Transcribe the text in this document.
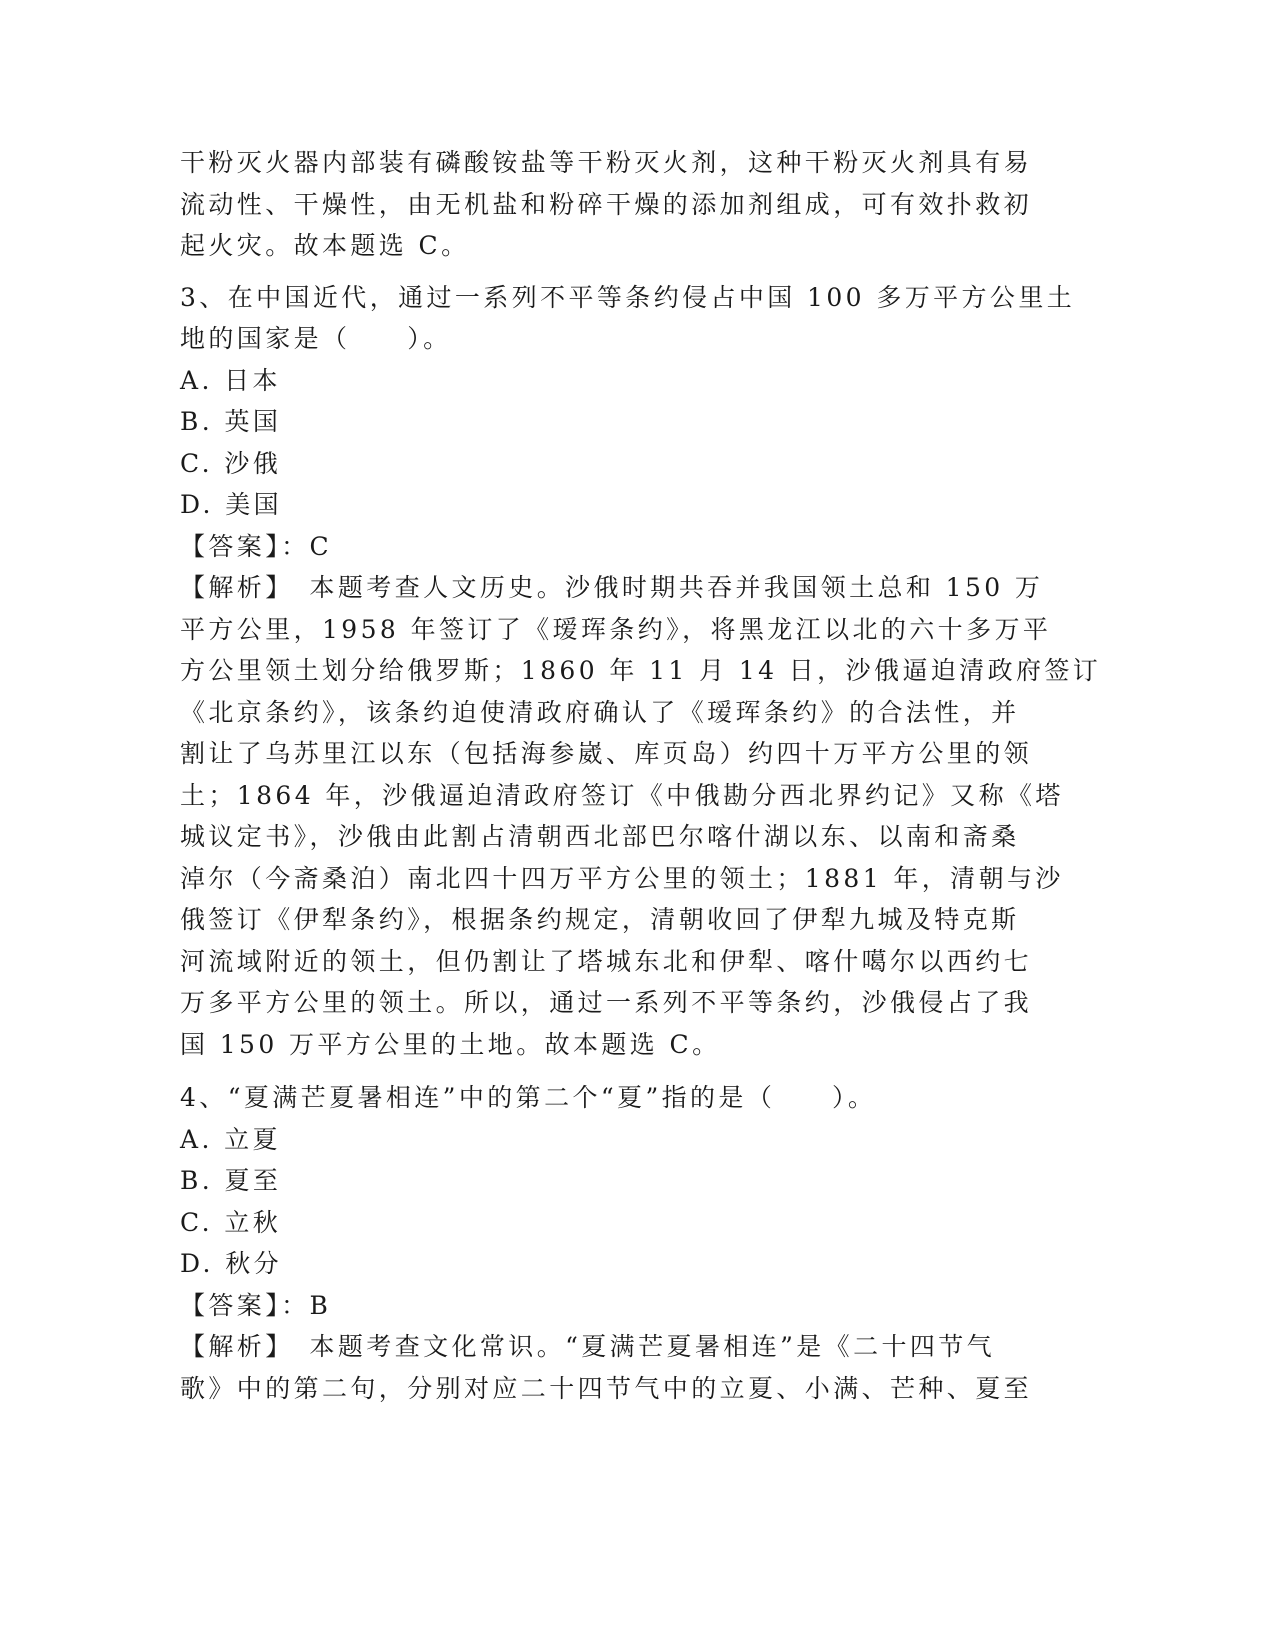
干粉灭火器内部装有磷酸铵盐等干粉灭火剂，这种干粉灭火剂具有易
流动性、干燥性，由无机盐和粉碎干燥的添加剂组成，可有效扑救初
起火灾。故本题选 C。
3、在中国近代，通过一系列不平等条约侵占中国 100 多万平方公里土
地的国家是（　　）。
A. 日本
B. 英国
C. 沙俄
D. 美国
【答案】：C
【解析】　本题考查人文历史。沙俄时期共吞并我国领土总和 150 万
平方公里，1958 年签订了《瑷珲条约》，将黑龙江以北的六十多万平
方公里领土划分给俄罗斯；1860 年 11 月 14 日，沙俄逼迫清政府签订
《北京条约》，该条约迫使清政府确认了《瑷珲条约》的合法性，并
割让了乌苏里江以东（包括海参崴、库页岛）约四十万平方公里的领
土；1864 年，沙俄逼迫清政府签订《中俄勘分西北界约记》又称《塔
城议定书》，沙俄由此割占清朝西北部巴尔喀什湖以东、以南和斋桑
淖尔（今斋桑泊）南北四十四万平方公里的领土；1881 年，清朝与沙
俄签订《伊犁条约》，根据条约规定，清朝收回了伊犁九城及特克斯
河流域附近的领土，但仍割让了塔城东北和伊犁、喀什噶尔以西约七
万多平方公里的领土。所以，通过一系列不平等条约，沙俄侵占了我
国 150 万平方公里的土地。故本题选 C。
4、“夏满芒夏暑相连”中的第二个“夏”指的是（　　）。
A. 立夏
B. 夏至
C. 立秋
D. 秋分
【答案】：B
【解析】　本题考查文化常识。“夏满芒夏暑相连”是《二十四节气
歌》中的第二句，分别对应二十四节气中的立夏、小满、芒种、夏至
